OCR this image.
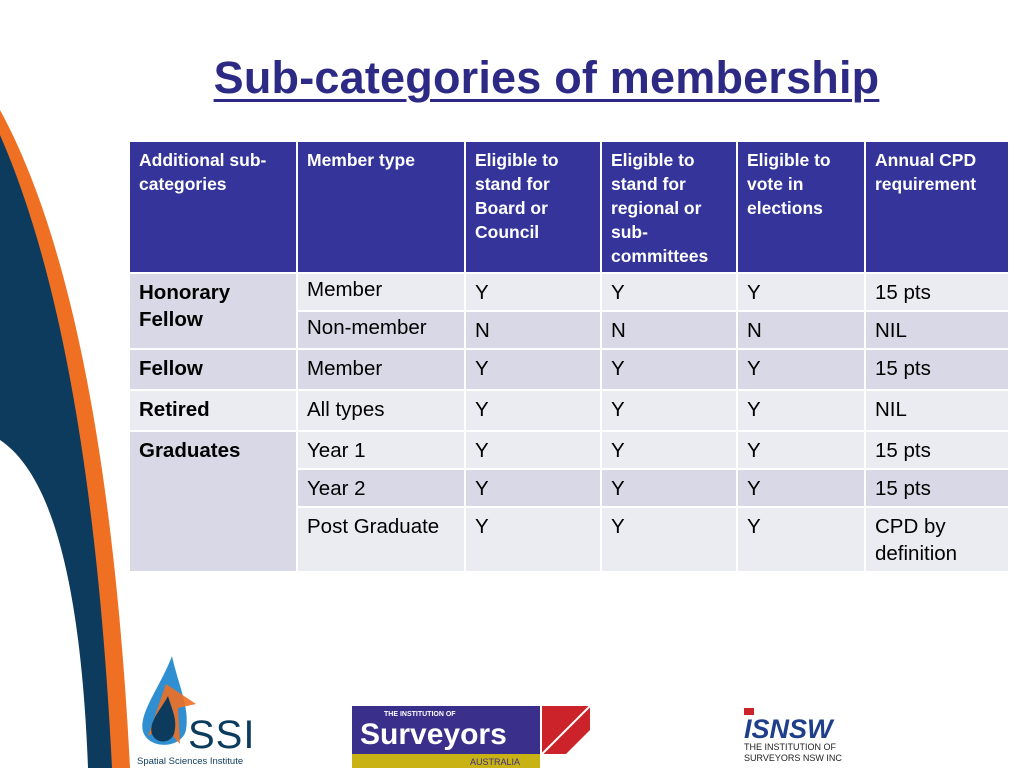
Sub-categories of membership
Additional sub-categories	Member type	Eligible to stand for Board or Council	Eligible to stand for regional or sub-committees	Eligible to vote in elections	Annual CPD requirement
Honorary Fellow	Member	Y	Y	Y	15 pts
	Non-member	N	N	N	NIL
Fellow	Member	Y	Y	Y	15 pts
Retired	All types	Y	Y	Y	NIL
Graduates	Year 1	Y	Y	Y	15 pts
	Year 2	Y	Y	Y	15 pts
	Post Graduate	Y	Y	Y	CPD by definition
SSI
Spatial Sciences Institute
THE INSTITUTION OF
Surveyors
AUSTRALIA
ISNSW
THE INSTITUTION OF
SURVEYORS NSW INC
